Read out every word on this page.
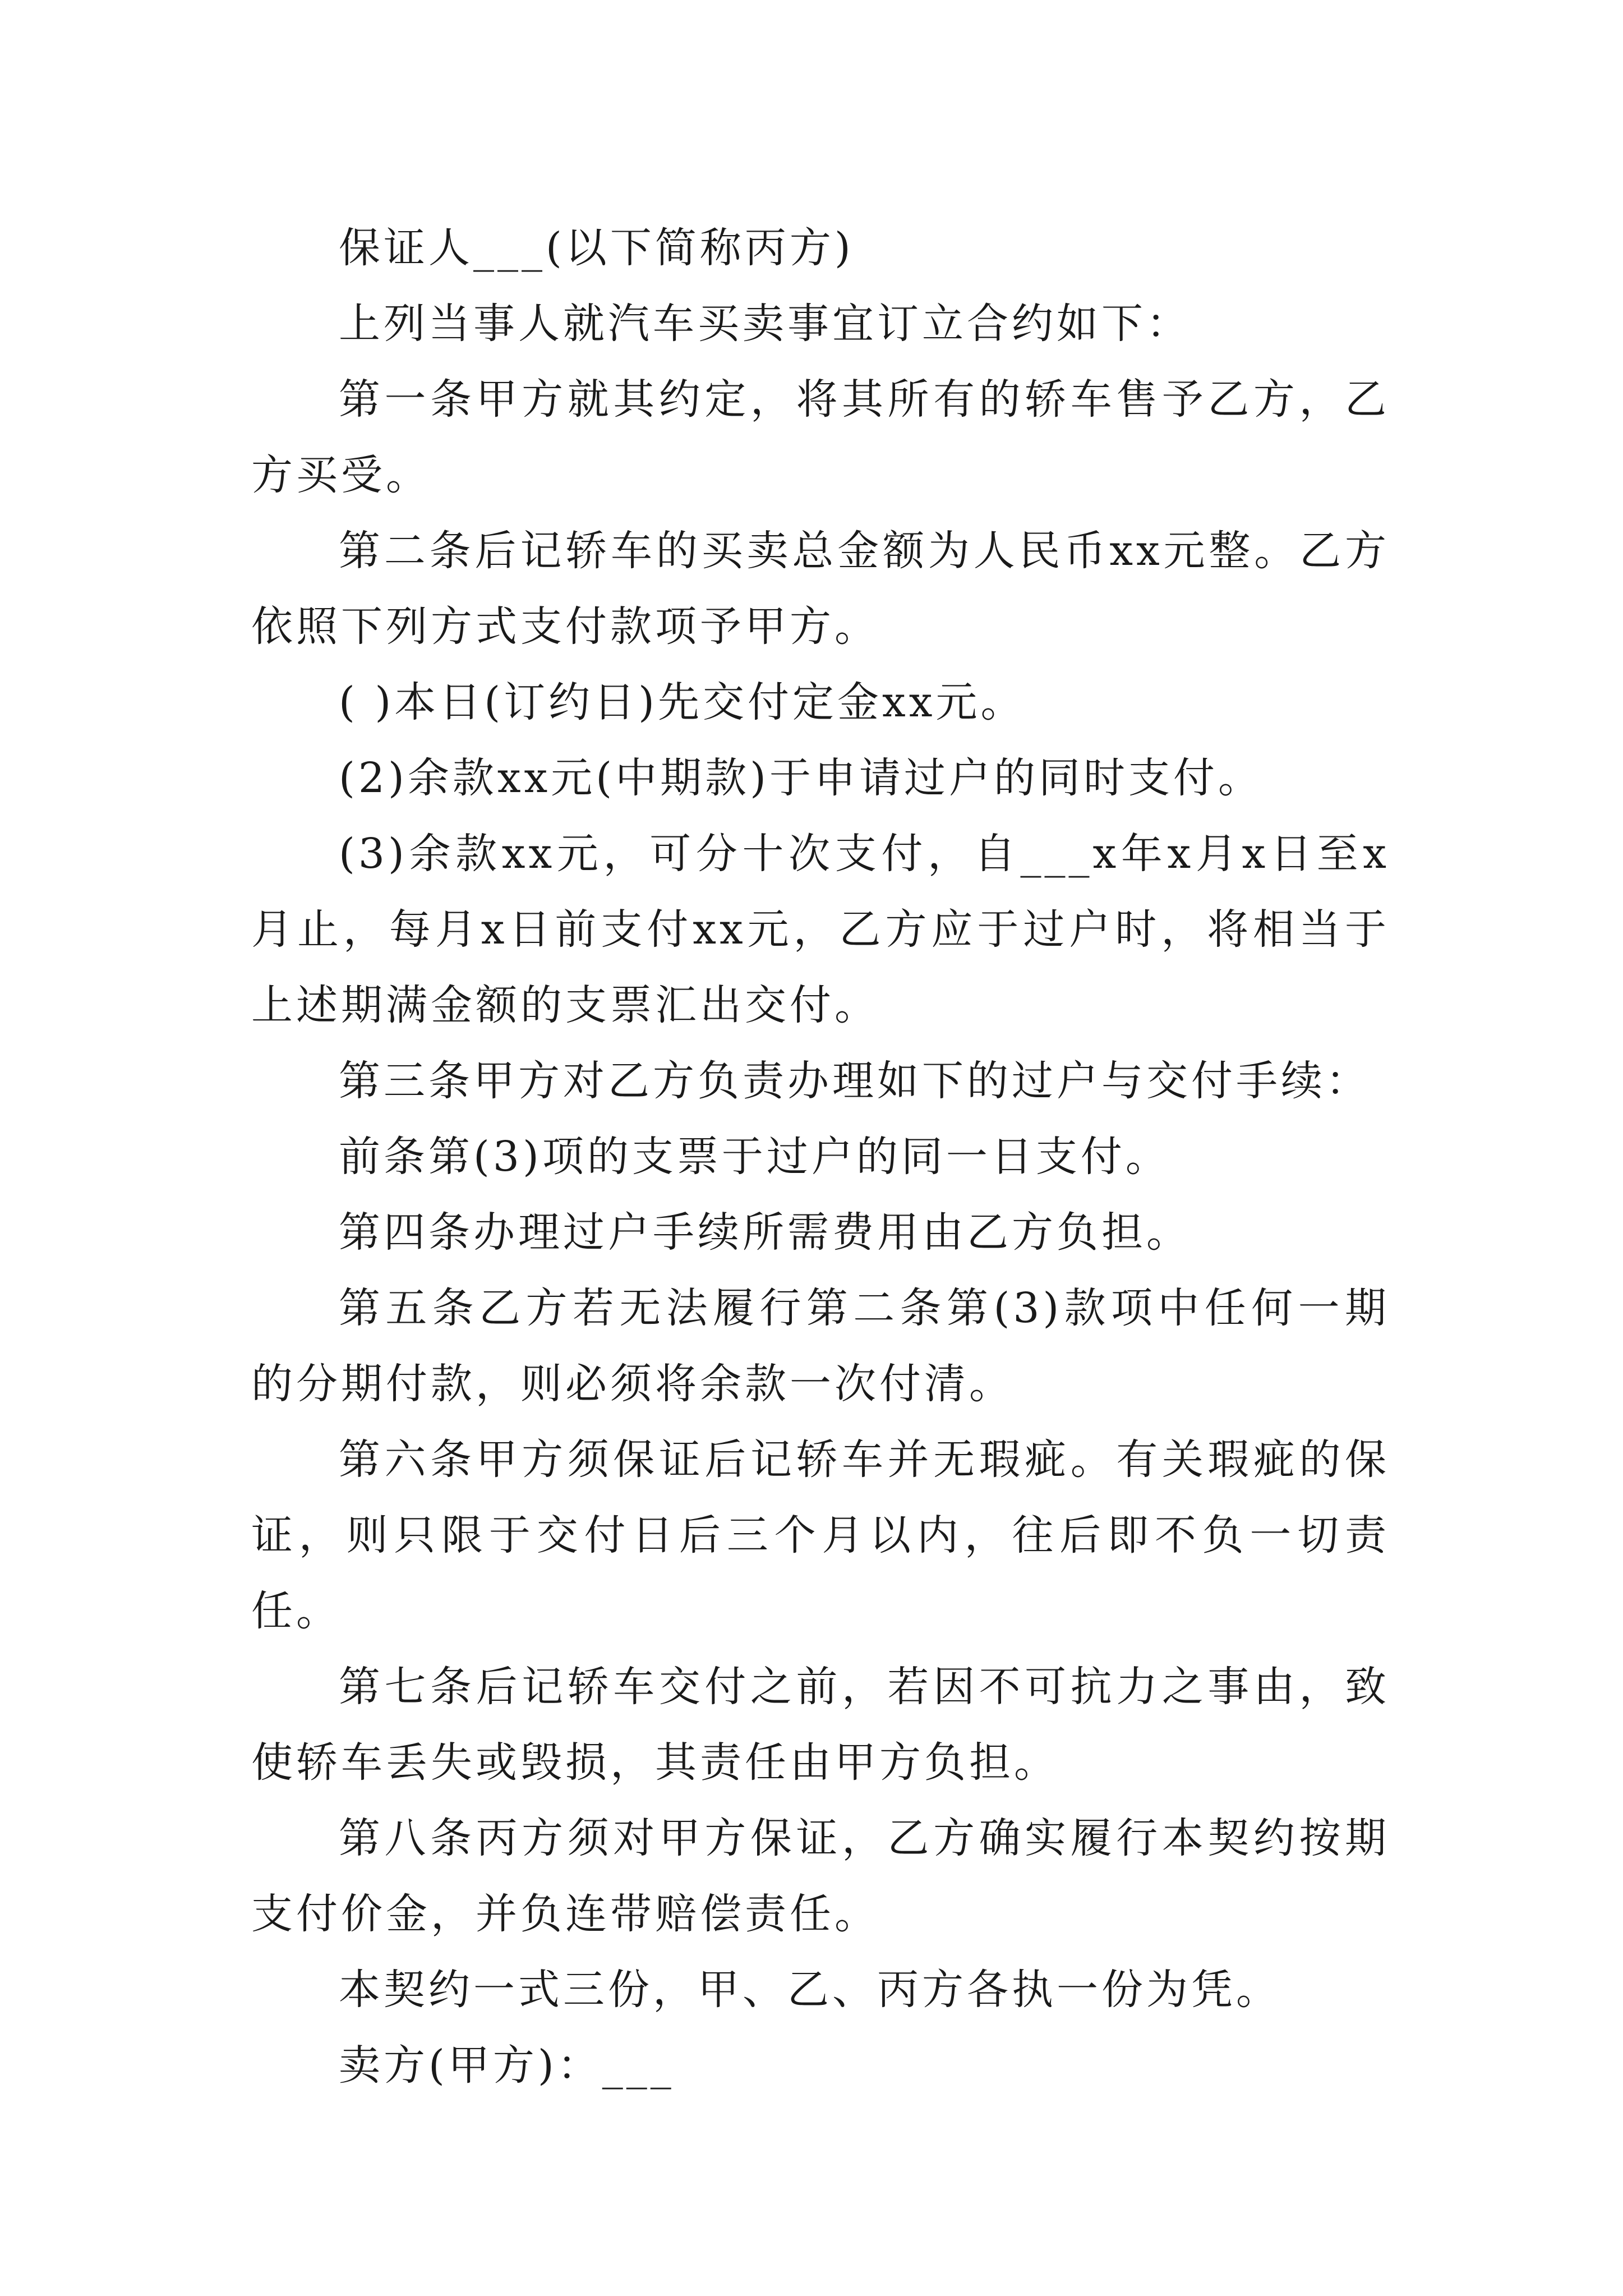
保证人___(以下简称丙方)

上列当事人就汽车买卖事宜订立合约如下：

第一条甲方就其约定，将其所有的轿车售予乙方，乙方买受。

第二条后记轿车的买卖总金额为人民币xx元整。乙方依照下列方式支付款项予甲方。

( )本日(订约日)先交付定金xx元。

(2)余款xx元(中期款)于申请过户的同时支付。

(3)余款xx元，可分十次支付，自___x年x月x日至x月止，每月x日前支付xx元，乙方应于过户时，将相当于上述期满金额的支票汇出交付。

第三条甲方对乙方负责办理如下的过户与交付手续：

前条第(3)项的支票于过户的同一日支付。

第四条办理过户手续所需费用由乙方负担。

第五条乙方若无法履行第二条第(3)款项中任何一期的分期付款，则必须将余款一次付清。

第六条甲方须保证后记轿车并无瑕疵。有关瑕疵的保证，则只限于交付日后三个月以内，往后即不负一切责任。

第七条后记轿车交付之前，若因不可抗力之事由，致使轿车丢失或毁损，其责任由甲方负担。

第八条丙方须对甲方保证，乙方确实履行本契约按期支付价金，并负连带赔偿责任。

本契约一式三份，甲、乙、丙方各执一份为凭。

卖方(甲方)：___
